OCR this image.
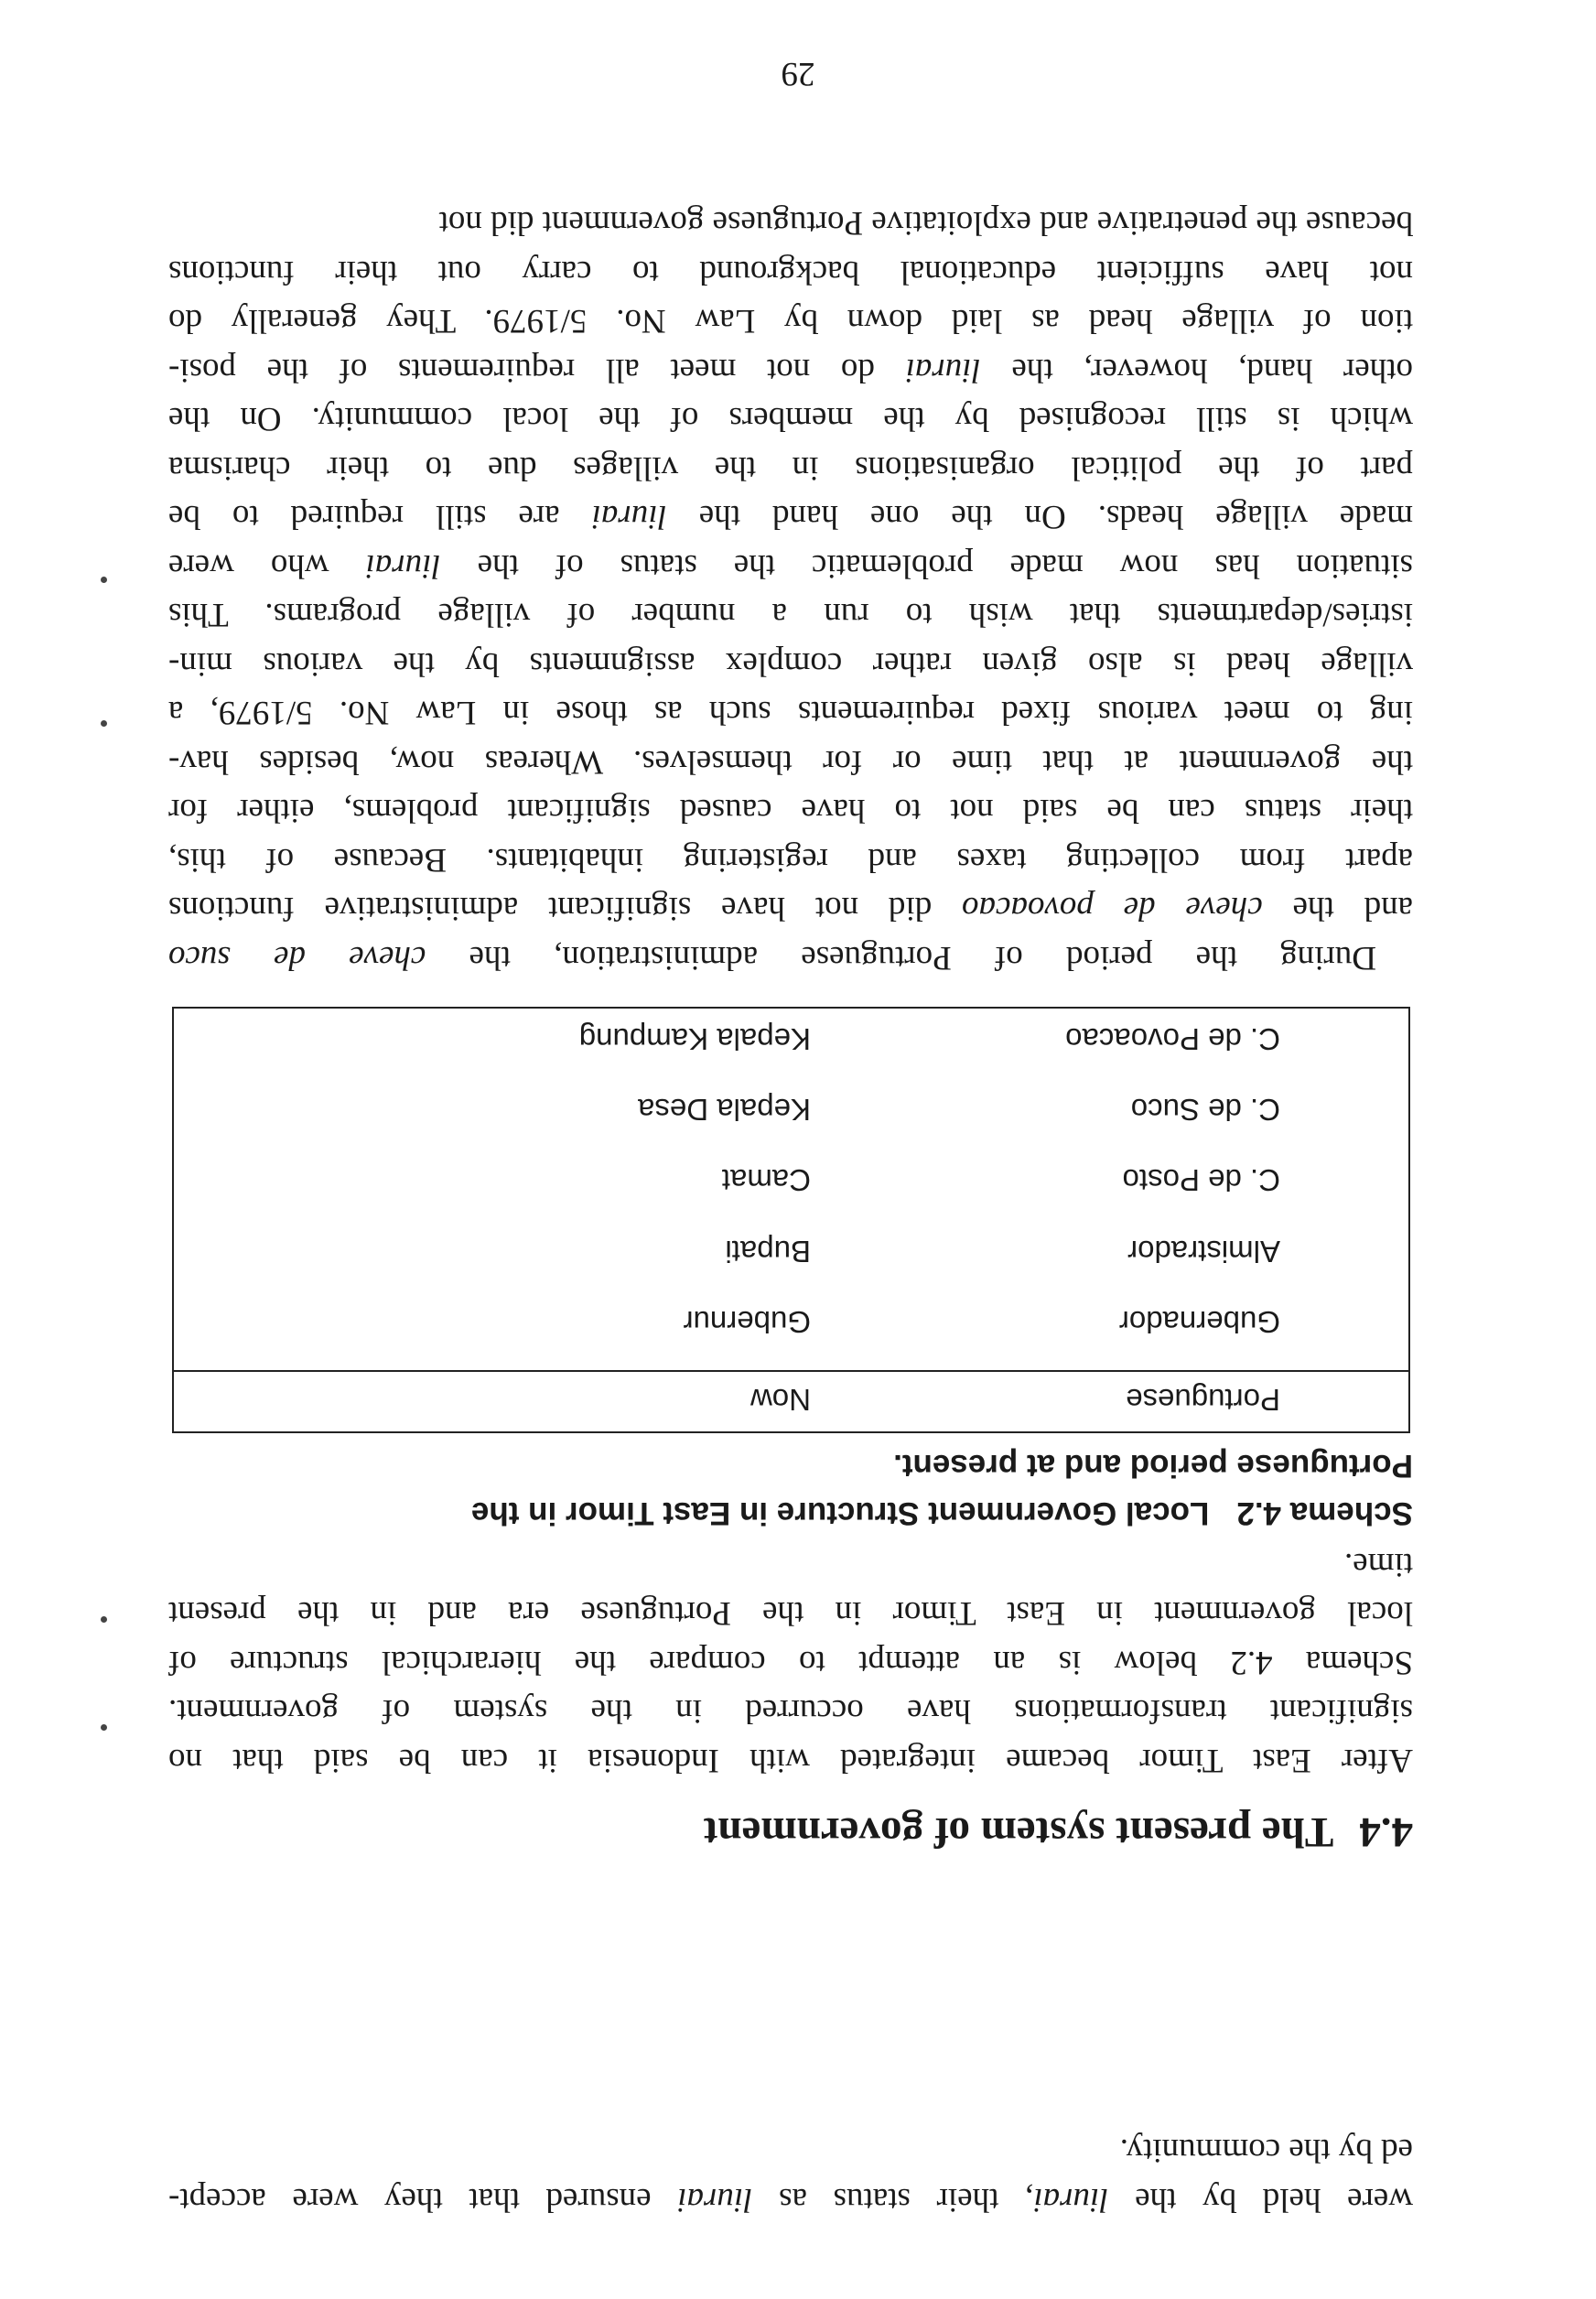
were held by the liurai, their status as liurai ensured that they were accept-
ed by the community.
4.4The present system of government
After East Timor became integrated with Indonesia it can be said that no
significant transformations have occurred in the system of government.
Schema 4.2 below is an attempt to compare the hierarchical structure of
local government in East Timor in the Portuguese era and in the present
time.
Schema 4.2Local Government Structure in East Timor in the
Portuguese period and at present.
Portuguese
Now
Gubernador
Gubernur
Almistrador
Bupati
C. de Posto
Camat
C. de Suco
Kepala Desa
C. de Povoacao
Kepala Kampung
During the period of Portuguese administration, the cheve de suco
and the cheve de povoacao did not have significant administrative functions
apart from collecting taxes and registering inhabitants. Because of this,
their status can be said not to have caused significant problems, either for
the government at that time or for themselves. Whereas now, besides hav-
ing to meet various fixed requirements such as those in Law No. 5/1979, a
village head is also given rather complex assignments by the various min-
istries/departments that wish to run a number of village programs. This
situation has now made problematic the status of the liurai who were
made village heads. On the one hand the liurai are still required to be
part of the political organisations in the villages due to their charisma
which is still recognised by the members of the local community. On the
other hand, however, the liurai do not meet all requirements of the posi-
tion of village head as laid down by Law No. 5/1979. They generally do
not have sufficient educational background to carry out their functions
because the penetrative and exploitative Portuguese government did not
29
